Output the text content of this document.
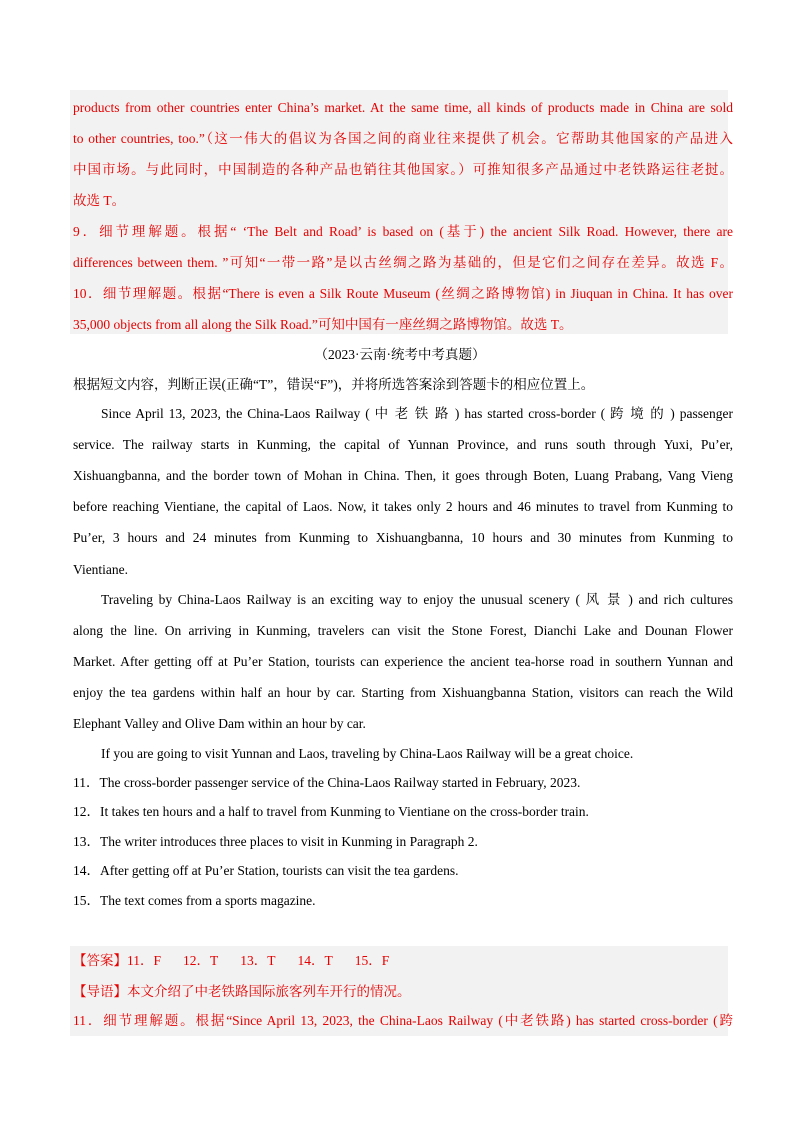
products from other countries enter China’s market. At the same time, all kinds of products made in China are sold
to other countries, too.”（这一伟大的倡议为各国之间的商业往来提供了机会。它帮助其他国家的产品进入
中国市场。与此同时，中国制造的各种产品也销往其他国家。）可推知很多产品通过中老铁路运往老挝。
故选 T。
9．细节理解题。根据“ ‘The Belt and Road’ is based on (基于) the ancient Silk Road. However, there are
differences between them. ”可知“一带一路”是以古丝绸之路为基础的，但是它们之间存在差异。故选 F。
10．细节理解题。根据“There is even a Silk Route Museum (丝绸之路博物馆) in Jiuquan in China. It has over
35,000 objects from all along the Silk Road.”可知中国有一座丝绸之路博物馆。故选 T。
（2023·云南·统考中考真题）
根据短文内容，判断正误(正确“T”，错误“F”)，并将所选答案涂到答题卡的相应位置上。
Since April 13, 2023, the China-Laos Railway ( 中 老 铁 路 ) has started cross-border ( 跨 境 的 ) passenger
service. The railway starts in Kunming, the capital of Yunnan Province, and runs south through Yuxi, Pu’er,
Xishuangbanna, and the border town of Mohan in China. Then, it goes through Boten, Luang Prabang, Vang Vieng
before reaching Vientiane, the capital of Laos. Now, it takes only 2 hours and 46 minutes to travel from Kunming to
Pu’er, 3 hours and 24 minutes from Kunming to Xishuangbanna, 10 hours and 30 minutes from Kunming to
Vientiane.
Traveling by China-Laos Railway is an exciting way to enjoy the unusual scenery ( 风 景 ) and rich cultures
along the line. On arriving in Kunming, travelers can visit the Stone Forest, Dianchi Lake and Dounan Flower
Market. After getting off at Pu’er Station, tourists can experience the ancient tea-horse road in southern Yunnan and
enjoy the tea gardens within half an hour by car. Starting from Xishuangbanna Station, visitors can reach the Wild
Elephant Valley and Olive Dam within an hour by car.
If you are going to visit Yunnan and Laos, traveling by China-Laos Railway will be a great choice.
11．The cross-border passenger service of the China-Laos Railway started in February, 2023.
12．It takes ten hours and a half to travel from Kunming to Vientiane on the cross-border train.
13．The writer introduces three places to visit in Kunming in Paragraph 2.
14．After getting off at Pu’er Station, tourists can visit the tea gardens.
15．The text comes from a sports magazine.
【答案】11．F 12．T 13．T 14．T 15．F
【导语】本文介绍了中老铁路国际旅客列车开行的情况。
11．细节理解题。根据“Since April 13, 2023, the China-Laos Railway (中老铁路) has started cross-border (跨
